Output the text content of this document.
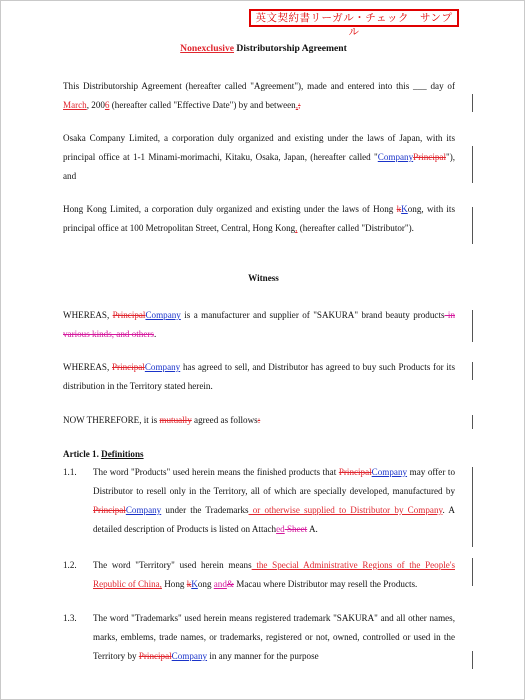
英文契約書リーガル・チェック　サンプル
Nonexclusive Distributorship Agreement
This Distributorship Agreement (hereafter called "Agreement"), made and entered into this ___ day of March, 2006 (hereafter called "Effective Date") by and between,;
Osaka Company Limited, a corporation duly organized and existing under the laws of Japan, with its principal office at 1-1 Minami-morimachi, Kitaku, Osaka, Japan, (hereafter called "CompanyPrincipal"), and
Hong Kong Limited, a corporation duly organized and existing under the laws of Hong kKong, with its principal office at 100 Metropolitan Street, Central, Hong Kong, (hereafter called "Distributor").
Witness
WHEREAS, PrincipalCompany is a manufacturer and supplier of "SAKURA" brand beauty products in various kinds, and others.
WHEREAS, PrincipalCompany has agreed to sell, and Distributor has agreed to buy such Products for its distribution in the Territory stated herein.
NOW THEREFORE, it is mutually agreed as follows:
Article 1. Definitions
1.1. The word "Products" used herein means the finished products that PrincipalCompany may offer to Distributor to resell only in the Territory, all of which are specially developed, manufactured by PrincipalCompany under the Trademarks or otherwise supplied to Distributor by Company. A detailed description of Products is listed on Attached Sheet A.
1.2. The word "Territory" used herein means the Special Administrative Regions of the People's Republic of China, Hong kKong and& Macau where Distributor may resell the Products.
1.3. The word "Trademarks" used herein means registered trademark "SAKURA" and all other names, marks, emblems, trade names, or trademarks, registered or not, owned, controlled or used in the Territory by PrincipalCompany in any manner for the purpose
